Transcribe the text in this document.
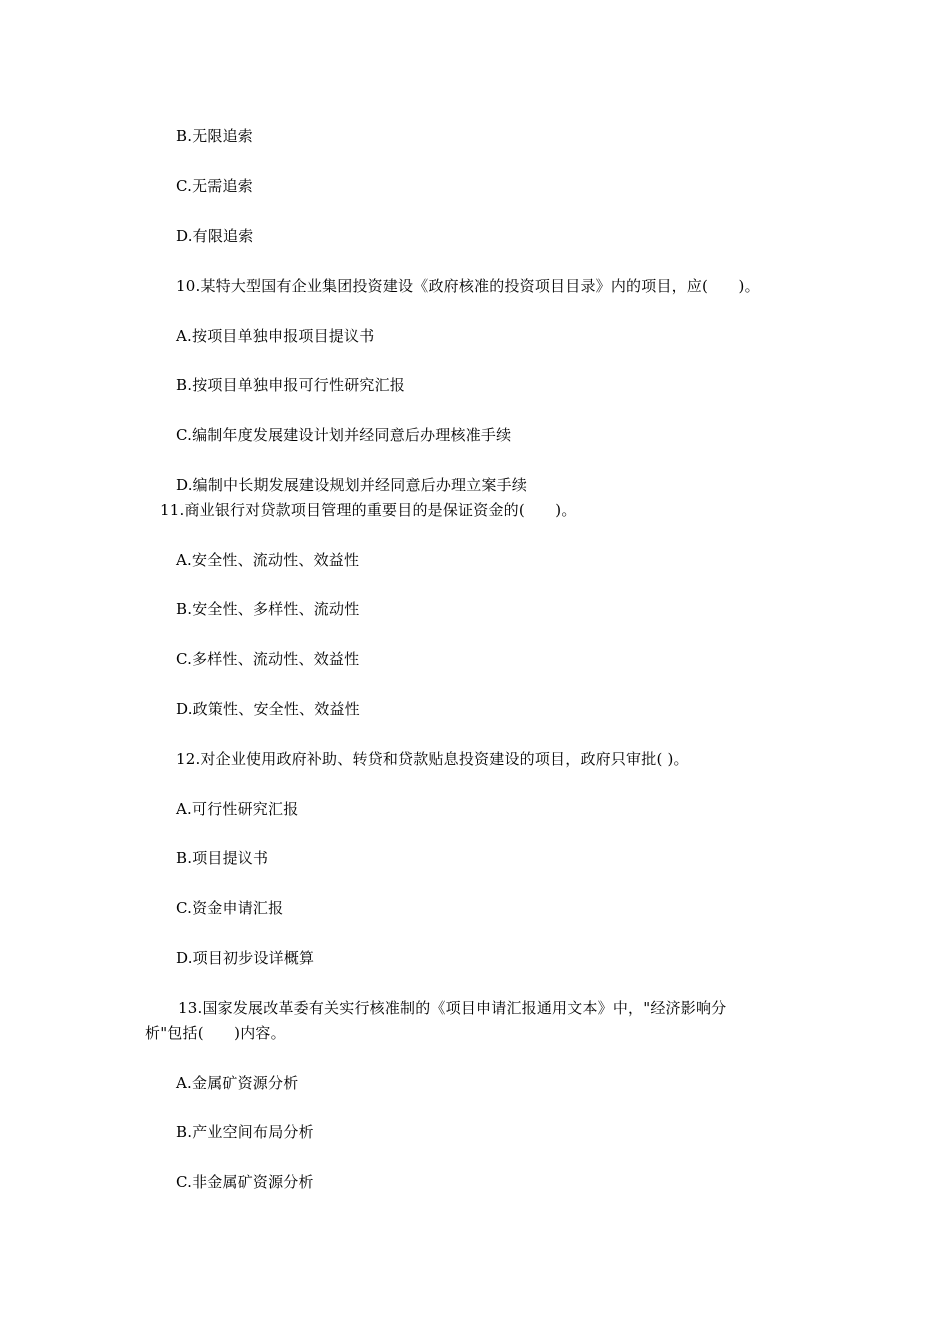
B.无限追索
C.无需追索
D.有限追索
10.某特大型国有企业集团投资建设《政府核准的投资项目目录》内的项目，应(　　)。
A.按项目单独申报项目提议书
B.按项目单独申报可行性研究汇报
C.编制年度发展建设计划并经同意后办理核准手续
D.编制中长期发展建设规划并经同意后办理立案手续
11.商业银行对贷款项目管理的重要目的是保证资金的(　　)。
A.安全性、流动性、效益性
B.安全性、多样性、流动性
C.多样性、流动性、效益性
D.政策性、安全性、效益性
12.对企业使用政府补助、转贷和贷款贴息投资建设的项目，政府只审批( )。
A.可行性研究汇报
B.项目提议书
C.资金申请汇报
D.项目初步设详概算
13.国家发展改革委有关实行核准制的《项目申请汇报通用文本》中，"经济影响分
析"包括(　　)内容。
A.金属矿资源分析
B.产业空间布局分析
C.非金属矿资源分析
